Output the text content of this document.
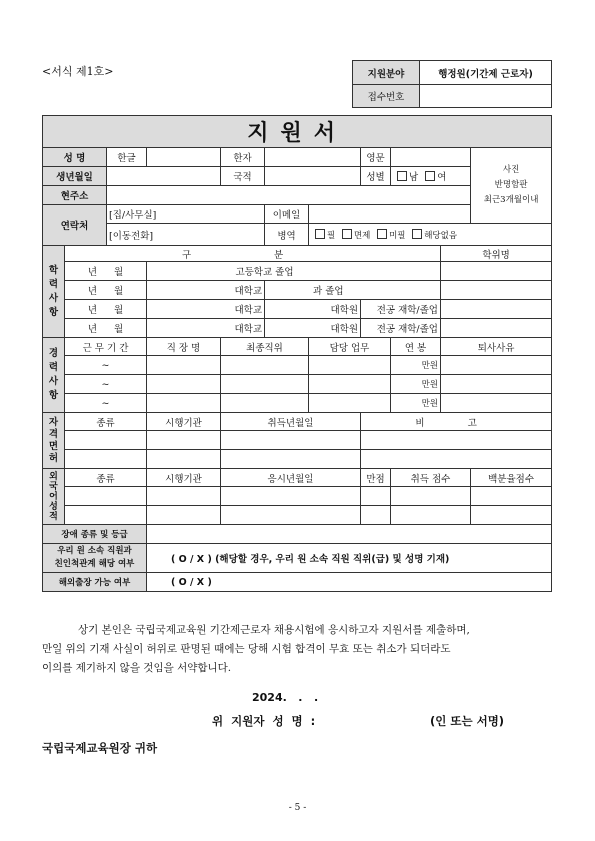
<서식 제1호>	지원분야	행정원(기간제 근로자)
접수번호	
지원서										
성 명		한글		한자			영문			사진
반명함판
최근3개월이내

생년월일				국적			성별	남 여		
현주소										
연락처		[집/사무실]			이메일					
		[이동전화]			병역	필 면제 미필 해당없음				

학
력
사
항	구 분								학위명	
	년 월		고등학교 졸업							
	년 월		대학교		과 졸업					
	년 월		대학교		대학원		전공 재학/졸업			
	년 월		대학교		대학원		전공 재학/졸업			

경
력
사
항	근 무 기 간		직 장 명	최종직위		담당 업무		연 봉	퇴사사유	
	~							만원		
	~							만원		
	~							만원		

자
격
면
허	종류		시행기관	취득년월일			비 고			

외
국
어
성
적	종류		시행기관	응시년월일			만점	취득 점수		백분율점수

장애 종류 및 등급										

우리 원 소속 직원과
친인척관계 해당 여부			( O / X ) (해당할 경우, 우리 원 소속 직원 직위(급) 및 성명 기재)							
해외출장 가능 여부			( O / X )							
상기 본인은 국립국제교육원 기간제근로자 채용시험에 응시하고자 지원서를 제출하며,
만일 위의 기재 사실이 허위로 판명된 때에는 당해 시험 합격이 무효 또는 취소가 되더라도
이의를 제기하지 않을 것임을 서약합니다.
2024.   .   .
위 지원자 성 명 :	(인 또는 서명)
국립국제교육원장 귀하
- 5 -
